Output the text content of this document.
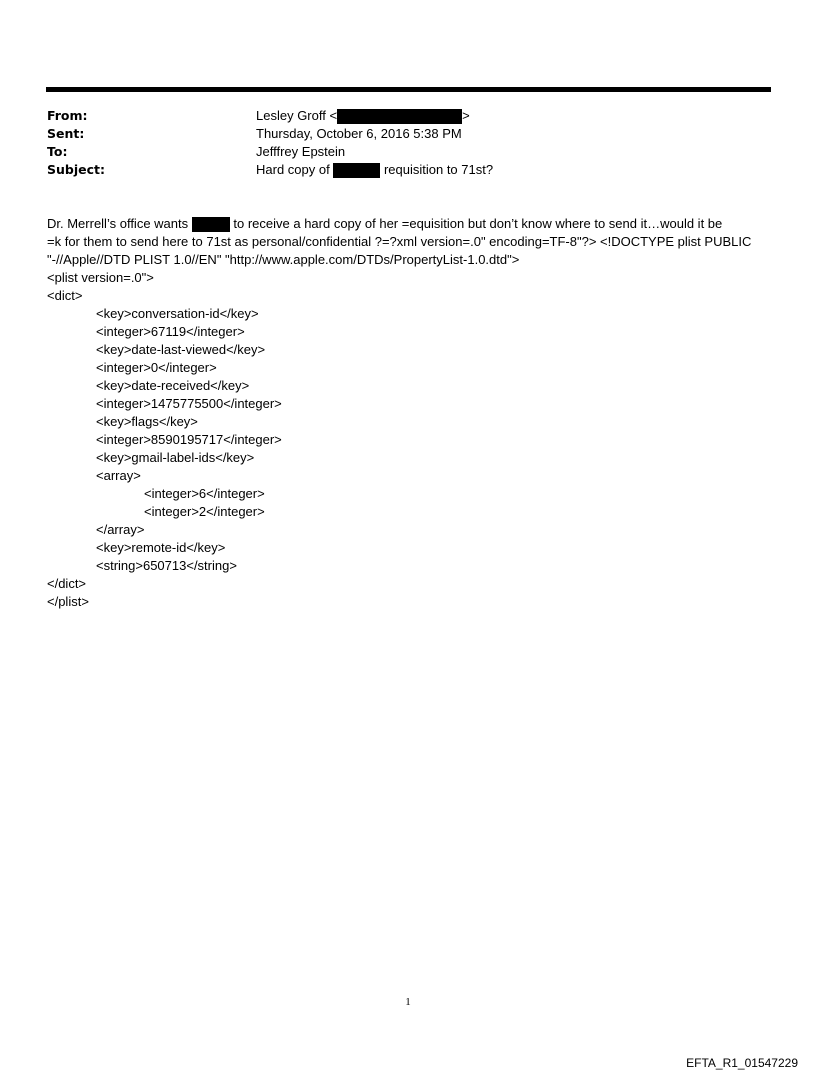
From:	Lesley Groff <	>
Sent:	Thursday, October 6, 2016 5:38 PM
To:	Jefffrey Epstein
Subject:	Hard copy of	requisition to 71st?
Dr. Merrell’s office wants	to receive a hard copy of her =equisition but don’t know where to send it…would it be
=k for them to send here to 71st as personal/confidential ?=?xml version=.0" encoding=TF-8"?> <!DOCTYPE plist PUBLIC
"-//Apple//DTD PLIST 1.0//EN" "http://www.apple.com/DTDs/PropertyList-1.0.dtd">
<plist version=.0">
<dict>
<key>conversation-id</key>
<integer>67119</integer>
<key>date-last-viewed</key>
<integer>0</integer>
<key>date-received</key>
<integer>1475775500</integer>
<key>flags</key>
<integer>8590195717</integer>
<key>gmail-label-ids</key>
<array>
<integer>6</integer>
<integer>2</integer>
</array>
<key>remote-id</key>
<string>650713</string>
</dict>
</plist>
1
EFTA_R1_01547229
